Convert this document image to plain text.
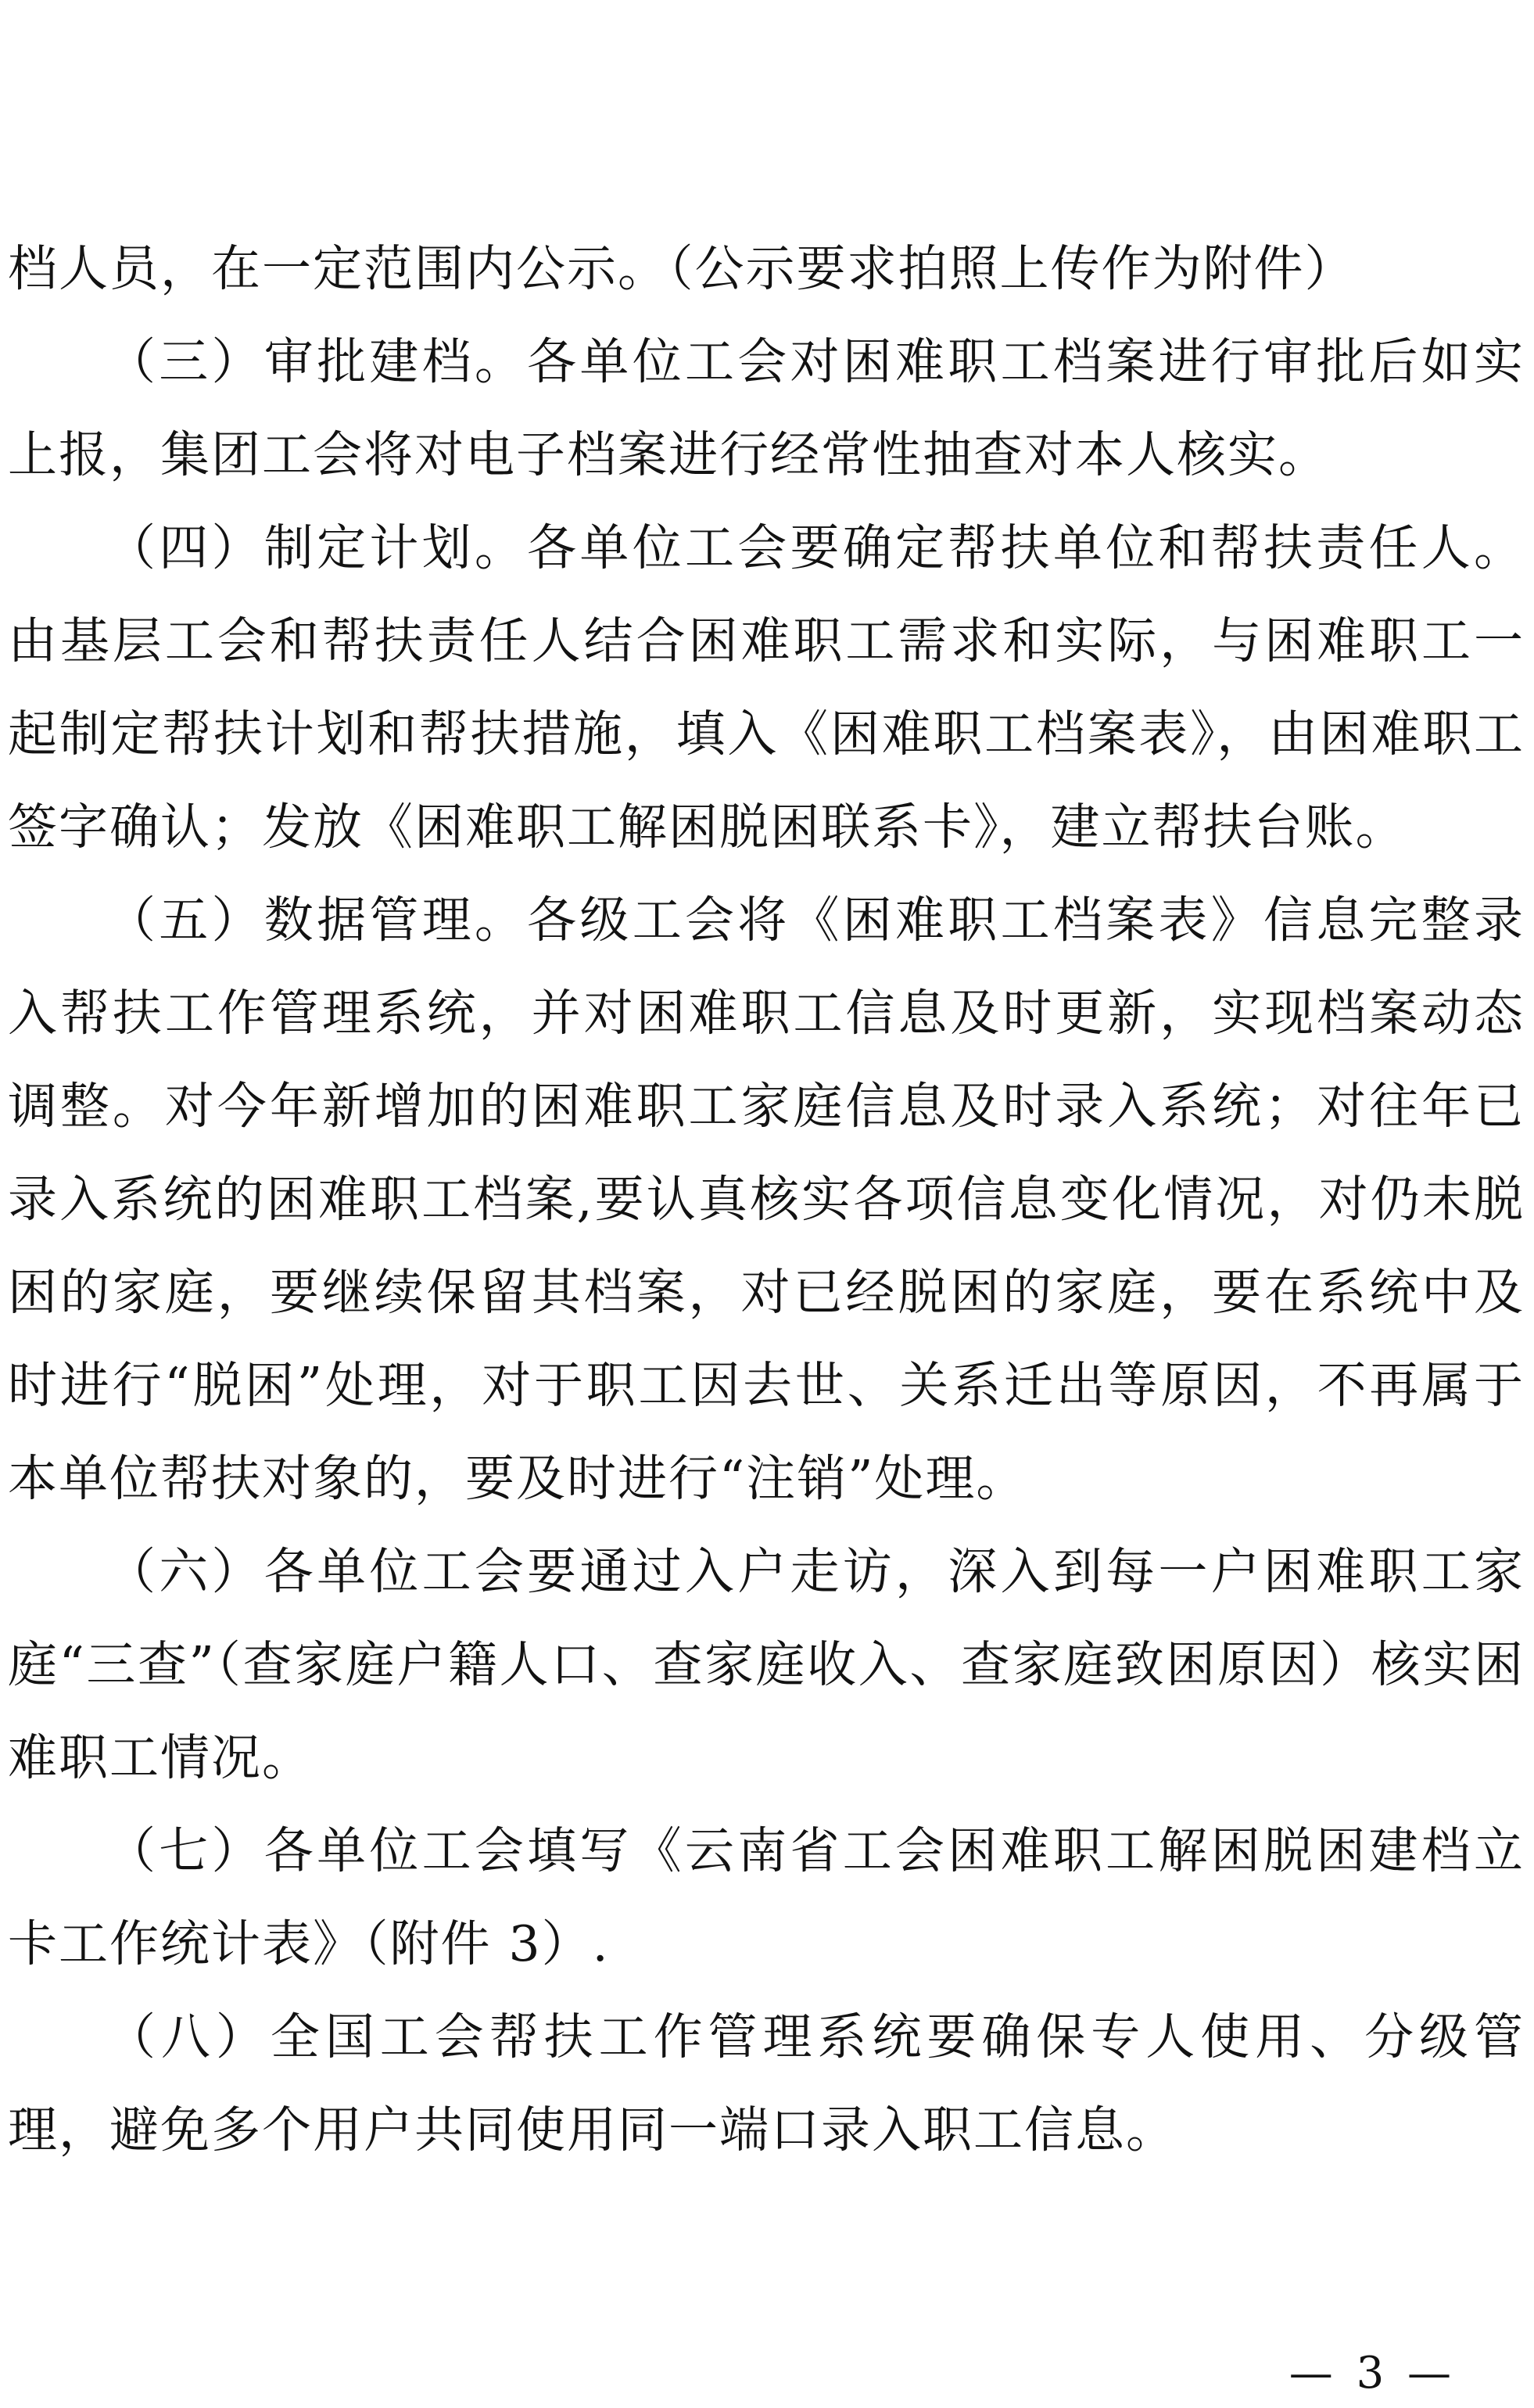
档人员，在一定范围内公示。（公示要求拍照上传作为附件）

（三）审批建档。各单位工会对困难职工档案进行审批后如实上报，集团工会将对电子档案进行经常性抽查对本人核实。

（四）制定计划。各单位工会要确定帮扶单位和帮扶责任人。由基层工会和帮扶责任人结合困难职工需求和实际，与困难职工一起制定帮扶计划和帮扶措施，填入《困难职工档案表》，由困难职工签字确认；发放《困难职工解困脱困联系卡》，建立帮扶台账。

（五）数据管理。各级工会将《困难职工档案表》信息完整录入帮扶工作管理系统，并对困难职工信息及时更新，实现档案动态调整。对今年新增加的困难职工家庭信息及时录入系统；对往年已录入系统的困难职工档案,要认真核实各项信息变化情况，对仍未脱困的家庭，要继续保留其档案，对已经脱困的家庭，要在系统中及时进行“脱困”处理，对于职工因去世、关系迁出等原因，不再属于本单位帮扶对象的，要及时进行“注销”处理。

（六）各单位工会要通过入户走访，深入到每一户困难职工家庭“三查”（查家庭户籍人口、查家庭收入、查家庭致困原因）核实困难职工情况。

（七）各单位工会填写《云南省工会困难职工解困脱困建档立卡工作统计表》（附件 3）.

（八）全国工会帮扶工作管理系统要确保专人使用、分级管理，避免多个用户共同使用同一端口录入职工信息。

— 3 —
